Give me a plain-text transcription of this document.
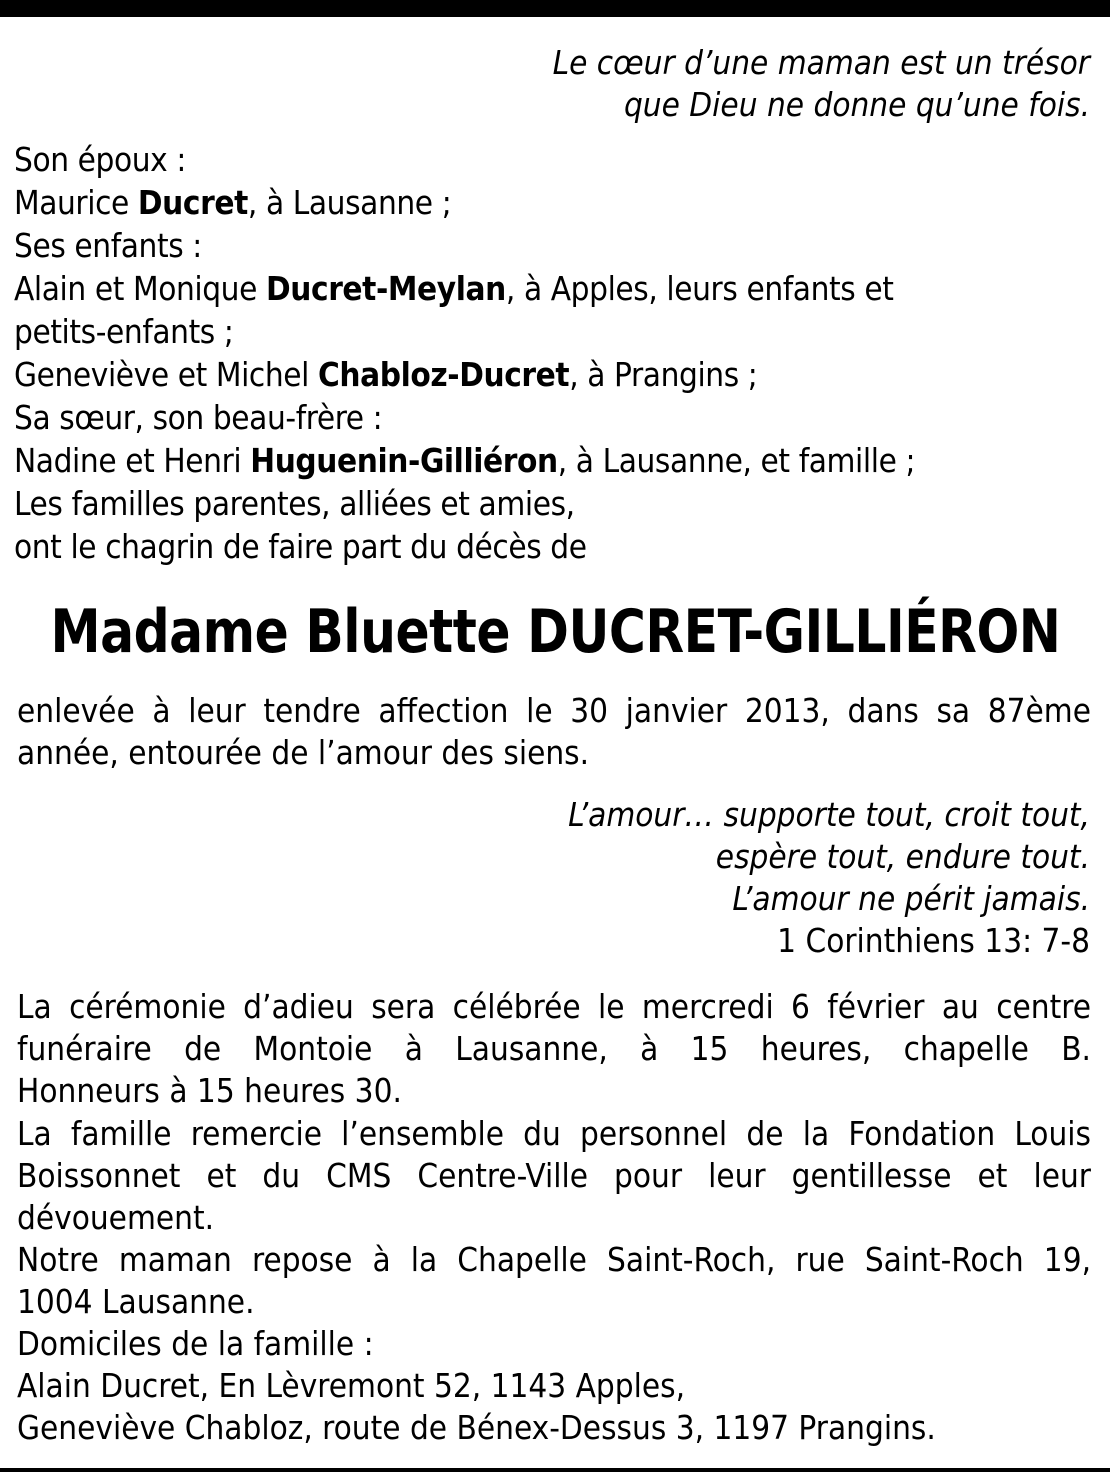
Le cœur d’une maman est un trésor
que Dieu ne donne qu’une fois.
Son époux :
Maurice Ducret, à Lausanne ;
Ses enfants :
Alain et Monique Ducret-Meylan, à Apples, leurs enfants et
petits-enfants ;
Geneviève et Michel Chabloz-Ducret, à Prangins ;
Sa sœur, son beau-frère :
Nadine et Henri Huguenin-Gilliéron, à Lausanne, et famille ;
Les familles parentes, alliées et amies,
ont le chagrin de faire part du décès de
Madame Bluette DUCRET-GILLIÉRON
enlevée à leur tendre affection le 30 janvier 2013, dans sa 87ème
année, entourée de l’amour des siens.
L’amour… supporte tout, croit tout,
espère tout, endure tout.
L’amour ne périt jamais.
1 Corinthiens 13: 7-8
La cérémonie d’adieu sera célébrée le mercredi 6 février au centre
funéraire de Montoie à Lausanne, à 15 heures, chapelle B.
Honneurs à 15 heures 30.
La famille remercie l’ensemble du personnel de la Fondation Louis
Boissonnet et du CMS Centre-Ville pour leur gentillesse et leur
dévouement.
Notre maman repose à la Chapelle Saint-Roch, rue Saint-Roch 19,
1004 Lausanne.
Domiciles de la famille :
Alain Ducret, En Lèvremont 52, 1143 Apples,
Geneviève Chabloz, route de Bénex-Dessus 3, 1197 Prangins.
